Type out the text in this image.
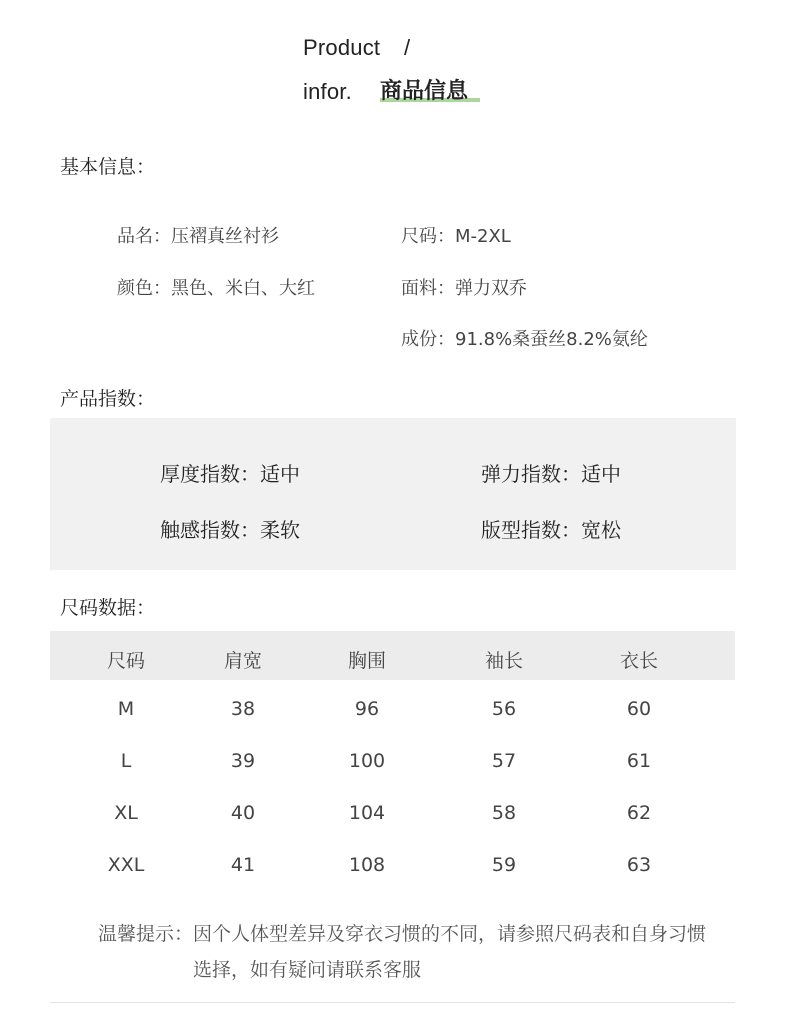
Product /
infor. 商品信息
基本信息：
品名：压褶真丝衬衫	尺码：M-2XL
颜色：黑色、米白、大红	面料：弹力双乔
成份：91.8%桑蚕丝8.2%氨纶
产品指数：
厚度指数：适中	弹力指数：适中
触感指数：柔软	版型指数：宽松
尺码数据：
尺码	肩宽	胸围	袖长	衣长
M	38	96	56	60
L	39	100	57	61
XL	40	104	58	62
XXL	41	108	59	63
温馨提示：因个人体型差异及穿衣习惯的不同，请参照尺码表和自身习惯
选择，如有疑问请联系客服
